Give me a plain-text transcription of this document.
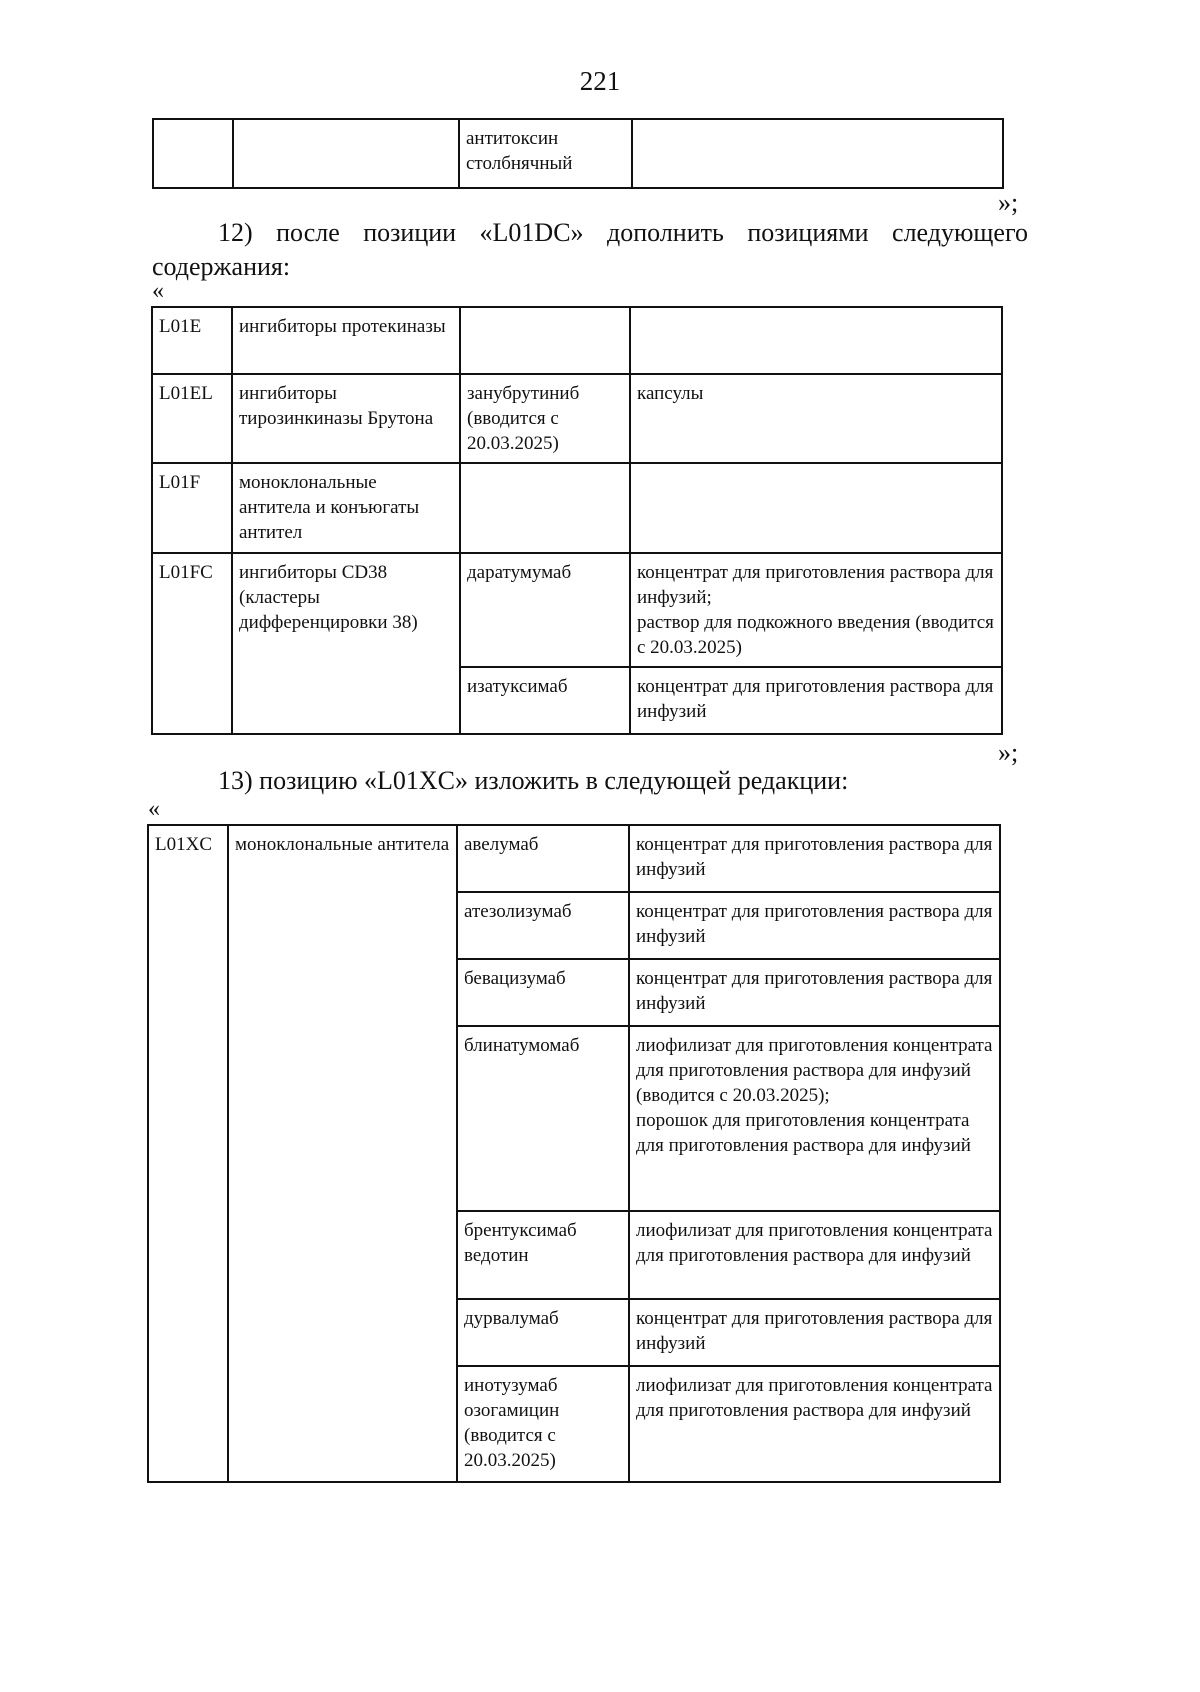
221
		антитоксин столбнячный	
»;
12) после позиции «L01DC» дополнить позициями следующего
содержания:
«
L01E	ингибиторы протекиназы		
L01EL	ингибиторы тирозинкиназы Брутона	занубрутиниб (вводится с 20.03.2025)	капсулы
L01F	моноклональные антитела и конъюгаты антител		
L01FC	ингибиторы CD38 (кластеры дифференцировки 38)	даратумумаб	концентрат для приготовления раствора для инфузий;
раствор для подкожного введения (вводится с 20.03.2025)

		изатуксимаб	концентрат для приготовления раствора для инфузий
»;
13) позицию «L01XC» изложить в следующей редакции:
«
L01XC	моноклональные антитела	авелумаб	концентрат для приготовления раствора для инфузий
		атезолизумаб	концентрат для приготовления раствора для инфузий
		бевацизумаб	концентрат для приготовления раствора для инфузий
		блинатумомаб	лиофилизат для приготовления концентрата для приготовления раствора для инфузий (вводится с 20.03.2025);
порошок для приготовления концентрата для приготовления раствора для инфузий

		брентуксимаб ведотин	лиофилизат для приготовления концентрата для приготовления раствора для инфузий
		дурвалумаб	концентрат для приготовления раствора для инфузий
		инотузумаб озогамицин (вводится с 20.03.2025)	лиофилизат для приготовления концентрата для приготовления раствора для инфузий
